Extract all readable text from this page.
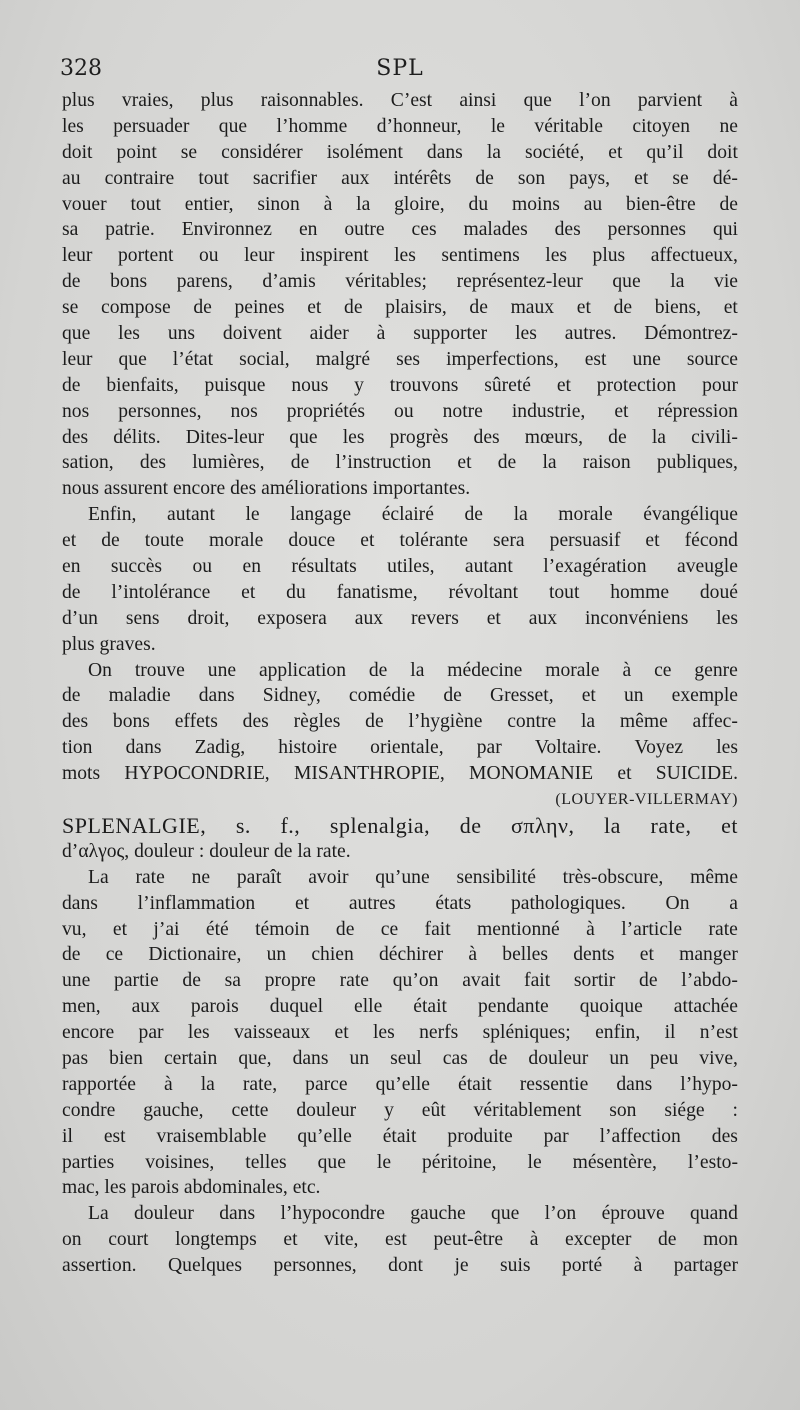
328	SPL
plus vraies, plus raisonnables. C’est ainsi que l’on parvient à
les persuader que l’homme d’honneur, le véritable citoyen ne
doit point se considérer isolément dans la société, et qu’il doit
au contraire tout sacrifier aux intérêts de son pays, et se dé-
vouer tout entier, sinon à la gloire, du moins au bien-être de
sa patrie. Environnez en outre ces malades des personnes qui
leur portent ou leur inspirent les sentimens les plus affectueux,
de bons parens, d’amis véritables; représentez-leur que la vie
se compose de peines et de plaisirs, de maux et de biens, et
que les uns doivent aider à supporter les autres. Démontrez-
leur que l’état social, malgré ses imperfections, est une source
de bienfaits, puisque nous y trouvons sûreté et protection pour
nos personnes, nos propriétés ou notre industrie, et répression
des délits. Dites-leur que les progrès des mœurs, de la civili-
sation, des lumières, de l’instruction et de la raison publiques,
nous assurent encore des améliorations importantes.
Enfin, autant le langage éclairé de la morale évangélique
et de toute morale douce et tolérante sera persuasif et fécond
en succès ou en résultats utiles, autant l’exagération aveugle
de l’intolérance et du fanatisme, révoltant tout homme doué
d’un sens droit, exposera aux revers et aux inconvéniens les
plus graves.
On trouve une application de la médecine morale à ce genre
de maladie dans Sidney, comédie de Gresset, et un exemple
des bons effets des règles de l’hygiène contre la même affec-
tion dans Zadig, histoire orientale, par Voltaire. Voyez les
mots HYPOCONDRIE, MISANTHROPIE, MONOMANIE et SUICIDE.
(LOUYER-VILLERMAY)
SPLENALGIE, s. f., splenalgia, de σπλην, la rate, et
d’αλγος, douleur : douleur de la rate.
La rate ne paraît avoir qu’une sensibilité très-obscure, même
dans l’inflammation et autres états pathologiques. On a
vu, et j’ai été témoin de ce fait mentionné à l’article rate
de ce Dictionaire, un chien déchirer à belles dents et manger
une partie de sa propre rate qu’on avait fait sortir de l’abdo-
men, aux parois duquel elle était pendante quoique attachée
encore par les vaisseaux et les nerfs spléniques; enfin, il n’est
pas bien certain que, dans un seul cas de douleur un peu vive,
rapportée à la rate, parce qu’elle était ressentie dans l’hypo-
condre gauche, cette douleur y eût véritablement son siége :
il est vraisemblable qu’elle était produite par l’affection des
parties voisines, telles que le péritoine, le mésentère, l’esto-
mac, les parois abdominales, etc.
La douleur dans l’hypocondre gauche que l’on éprouve quand
on court longtemps et vite, est peut-être à excepter de mon
assertion. Quelques personnes, dont je suis porté à partager
